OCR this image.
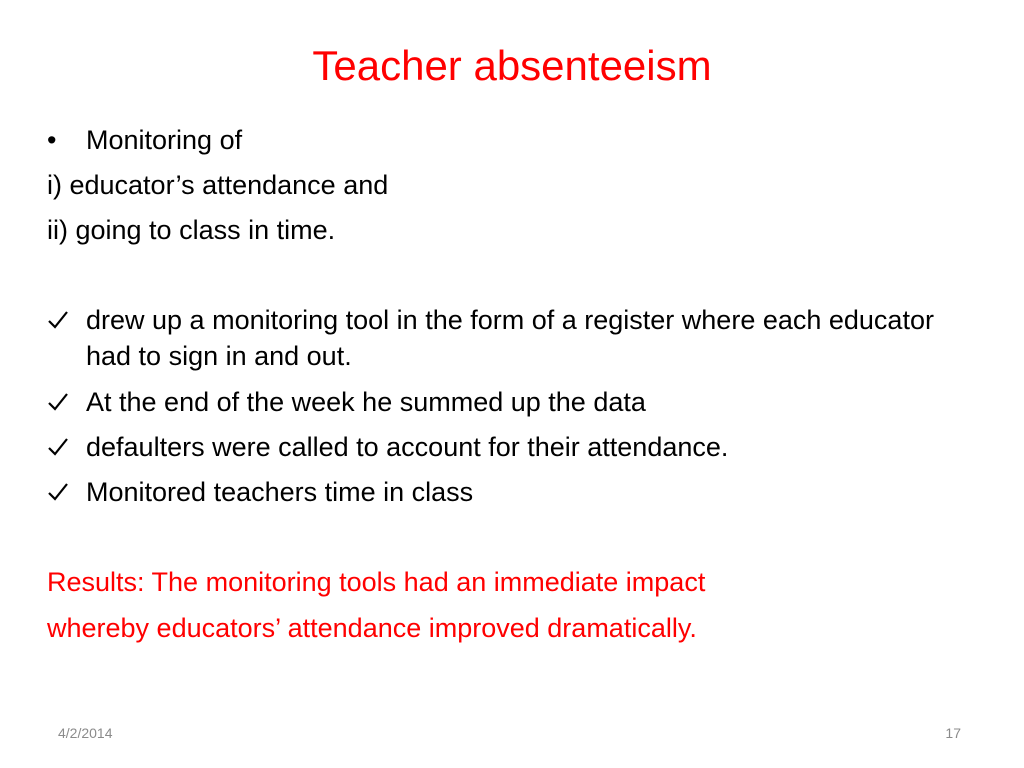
Teacher absenteeism
• Monitoring of
i) educator’s attendance and
ii) going to class in time.
drew up a monitoring tool in the form of a register where each educator had to sign in and out.
At the end of the week he summed up the data
defaulters were called to account for their attendance.
Monitored teachers time in class
Results: The monitoring tools had an immediate impact
whereby educators’ attendance improved dramatically.
4/2/2014	17
